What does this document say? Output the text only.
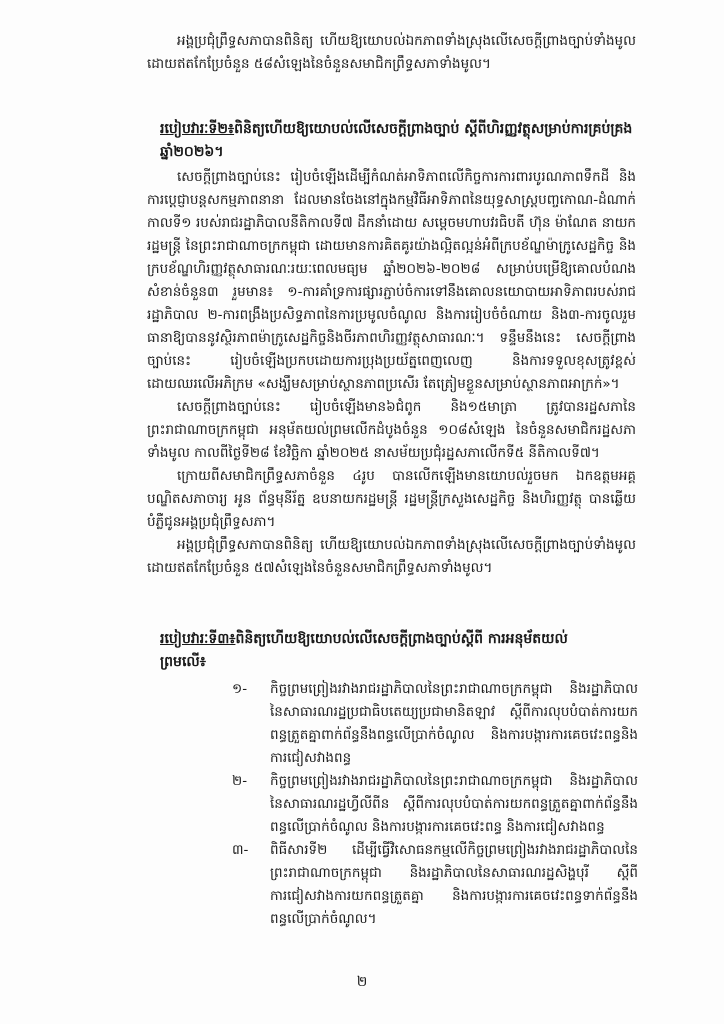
អង្គប្រជុំព្រឹទ្ធសភាបានពិនិត្យ ហើយឱ្យយោបល់ឯកភាពទាំងស្រុងលើសេចក្តីព្រាងច្បាប់ទាំងមូលដោយឥតកែប្រែចំនួន ៥៨សំឡេងនៃចំនួនសមាជិកព្រឹទ្ធសភាទាំងមូល។

របៀបវារៈទី២៖ពិនិត្យហើយឱ្យយោបល់លើសេចក្តីព្រាងច្បាប់ ស្តីពីហិរញ្ញវត្ថុសម្រាប់ការគ្រប់គ្រងឆ្នាំ២០២៦។

សេចក្តីព្រាងច្បាប់នេះ រៀបចំឡើងដើម្បីកំណត់អាទិភាពលើកិច្ចការការពារបូរណភាពទឹកដី និងការប្តេជ្ញាបន្តសកម្មភាពនានា ដែលមានចែងនៅក្នុងកម្មវិធីអាទិភាពនៃយុទ្ធសាស្ត្របញ្ចកោណ-ដំណាក់កាលទី១ របស់រាជរដ្ឋាភិបាលនីតិកាលទី៧ ដឹកនាំដោយ សម្តេចមហាបវរធិបតី ហ៊ុន ម៉ាណែត នាយករដ្ឋមន្ត្រី នៃព្រះរាជាណាចក្រកម្ពុជា ដោយមានការគិតគូរយ៉ាងល្អិតល្អន់អំពីក្របខ័ណ្ឌម៉ាក្រូសេដ្ឋកិច្ច និងក្របខ័ណ្ឌហិរញ្ញវត្ថុសាធារណៈរយៈពេលមធ្យម ឆ្នាំ២០២៦-២០២៨ សម្រាប់បម្រើឱ្យគោលបំណងសំខាន់ចំនួន៣ រួមមាន៖ ១-ការគាំទ្រការផ្សារភ្ជាប់ចំការទៅនឹងគោលនយោបាយអាទិភាពរបស់រាជរដ្ឋាភិបាល ២-ការពង្រឹងប្រសិទ្ធភាពនៃការប្រមូលចំណូល និងការរៀបចំចំណាយ និង៣-ការចូលរួមធានាឱ្យបាននូវស្ថិរភាពម៉ាក្រូសេដ្ឋកិច្ចនិងចីរភាពហិរញ្ញវត្ថុសាធារណៈ។ ទន្ទឹមនឹងនេះ សេចក្តីព្រាងច្បាប់នេះ រៀបចំឡើងប្រកបដោយការប្រុងប្រយ័ត្នពេញលេញ និងការទទួលខុសត្រូវខ្ពស់ដោយឈរលើអភិក្រម «សង្ឃឹមសម្រាប់ស្ថានភាពប្រសើរ តែត្រៀមខ្លួនសម្រាប់ស្ថានភាពអាក្រក់»។

សេចក្តីព្រាងច្បាប់នេះ រៀបចំឡើងមាន៦ជំពូក និង១៥មាត្រា ត្រូវបានរដ្ឋសភានៃព្រះរាជាណាចក្រកម្ពុជា អនុម័តយល់ព្រមលើកដំបូងចំនួន ១០៨សំឡេង នៃចំនួនសមាជិករដ្ឋសភាទាំងមូល កាលពីថ្ងៃទី២៨ ខែវិច្ឆិកា ឆ្នាំ២០២៥ នាសម័យប្រជុំរដ្ឋសភាលើកទី៥ នីតិកាលទី៧។

ក្រោយពីសមាជិកព្រឹទ្ធសភាចំនួន ៤រូប បានលើកឡើងមានយោបល់រួចមក ឯកឧត្តមអគ្គបណ្ឌិតសភាចារ្យ អូន ព័ន្ធមុនីរ័ត្ន ឧបនាយករដ្ឋមន្ត្រី រដ្ឋមន្ត្រីក្រសួងសេដ្ឋកិច្ច និងហិរញ្ញវត្ថុ បានឆ្លើយបំភ្លឺជូនអង្គប្រជុំព្រឹទ្ធសភា។

អង្គប្រជុំព្រឹទ្ធសភាបានពិនិត្យ ហើយឱ្យយោបល់ឯកភាពទាំងស្រុងលើសេចក្តីព្រាងច្បាប់ទាំងមូលដោយឥតកែប្រែចំនួន ៥៧សំឡេងនៃចំនួនសមាជិកព្រឹទ្ធសភាទាំងមូល។

របៀបវារៈទី៣៖ពិនិត្យហើយឱ្យយោបល់លើសេចក្តីព្រាងច្បាប់ស្តីពី ការអនុម័តយល់ព្រមលើ៖

១- កិច្ចព្រមព្រៀងរវាងរាជរដ្ឋាភិបាលនៃព្រះរាជាណាចក្រកម្ពុជា និងរដ្ឋាភិបាលនៃសាធារណរដ្ឋប្រជាធិបតេយ្យប្រជាមានិតឡាវ ស្តីពីការលុបបំបាត់ការយកពន្ធត្រួតគ្នាពាក់ព័ន្ធនឹងពន្ធលើប្រាក់ចំណូល និងការបង្ការការគេចវេះពន្ធនិងការជៀសវាងពន្ធ

២- កិច្ចព្រមព្រៀងរវាងរាជរដ្ឋាភិបាលនៃព្រះរាជាណាចក្រកម្ពុជា និងរដ្ឋាភិបាលនៃសាធារណរដ្ឋហ្វីលីពីន ស្តីពីការលុបបំបាត់ការយកពន្ធត្រួតគ្នាពាក់ព័ន្ធនឹងពន្ធលើប្រាក់ចំណូល និងការបង្ការការគេចវេះពន្ធ និងការជៀសវាងពន្ធ

៣- ពិធីសារទី២ ដើម្បីធ្វើវិសោធនកម្មលើកិច្ចព្រមព្រៀងរវាងរាជរដ្ឋាភិបាលនៃព្រះរាជាណាចក្រកម្ពុជា និងរដ្ឋាភិបាលនៃសាធារណរដ្ឋសិង្ហបុរី ស្តីពីការជៀសវាងការយកពន្ធត្រួតគ្នា និងការបង្ការការគេចវេះពន្ធទាក់ព័ន្ធនឹងពន្ធលើប្រាក់ចំណូល។

២
